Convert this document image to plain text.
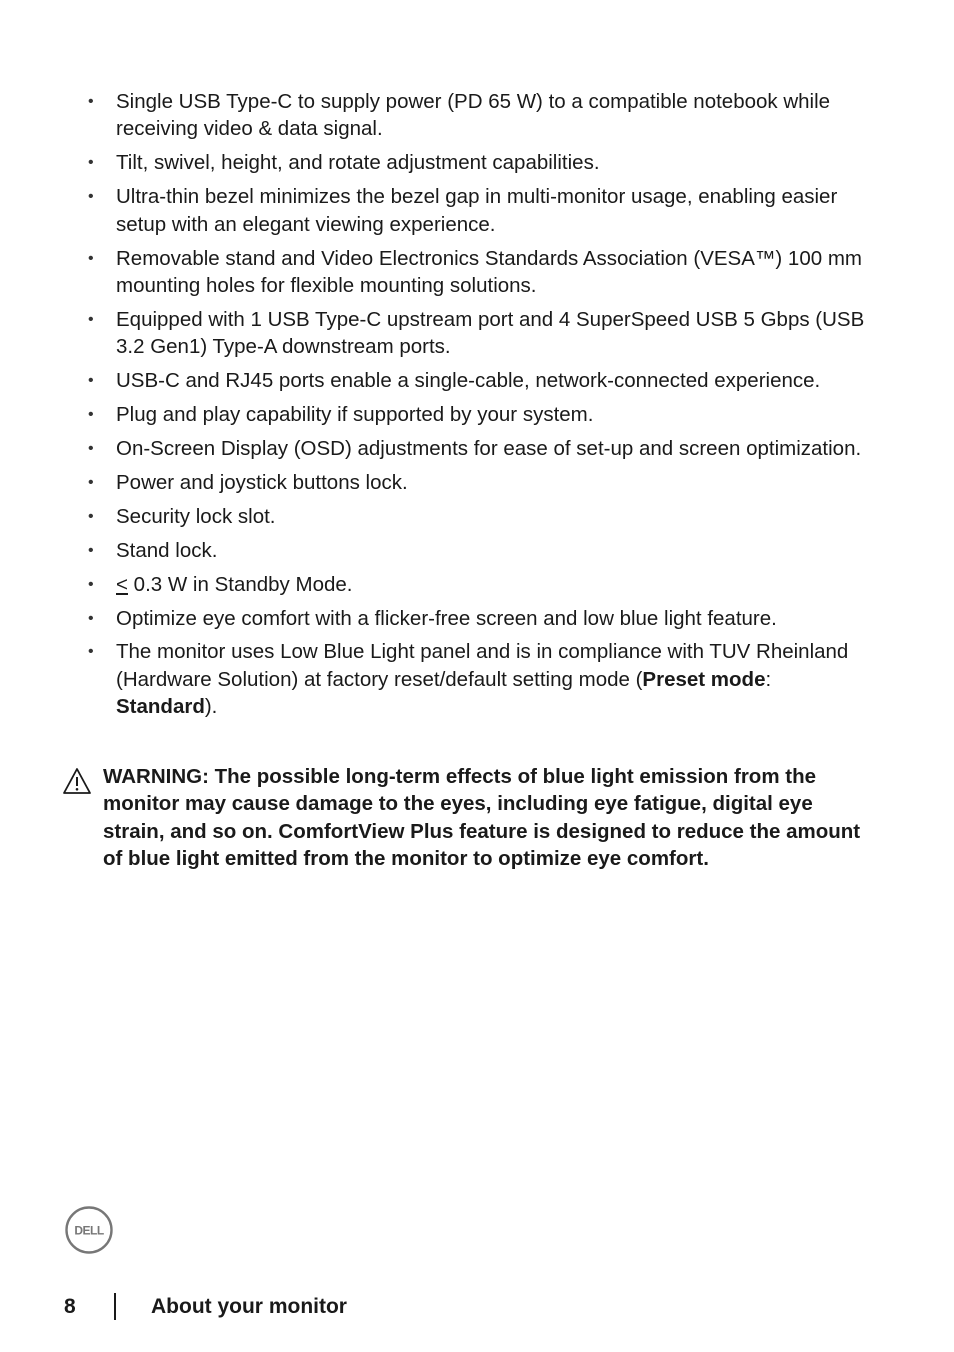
•	Single USB Type-C to supply power (PD 65 W) to a compatible notebook while receiving video & data signal.
•	Tilt, swivel, height, and rotate adjustment capabilities.
•	Ultra-thin bezel minimizes the bezel gap in multi-monitor usage, enabling easier setup with an elegant viewing experience.
•	Removable stand and Video Electronics Standards Association (VESA™) 100 mm mounting holes for flexible mounting solutions.
•	Equipped with 1 USB Type-C upstream port and 4 SuperSpeed USB 5 Gbps (USB 3.2 Gen1) Type-A downstream ports.
•	USB-C and RJ45 ports enable a single-cable, network-connected experience.
•	Plug and play capability if supported by your system.
•	On-Screen Display (OSD) adjustments for ease of set-up and screen optimization.
•	Power and joystick buttons lock.
•	Security lock slot.
•	Stand lock.
•	≤ 0.3 W in Standby Mode.
•	Optimize eye comfort with a flicker-free screen and low blue light feature.
•	The monitor uses Low Blue Light panel and is in compliance with TUV Rheinland (Hardware Solution) at factory reset/default setting mode (Preset mode: Standard).
WARNING: The possible long-term effects of blue light emission from the monitor may cause damage to the eyes, including eye fatigue, digital eye strain, and so on. ComfortView Plus feature is designed to reduce the amount of blue light emitted from the monitor to optimize eye comfort.
DELL
8	About your monitor
